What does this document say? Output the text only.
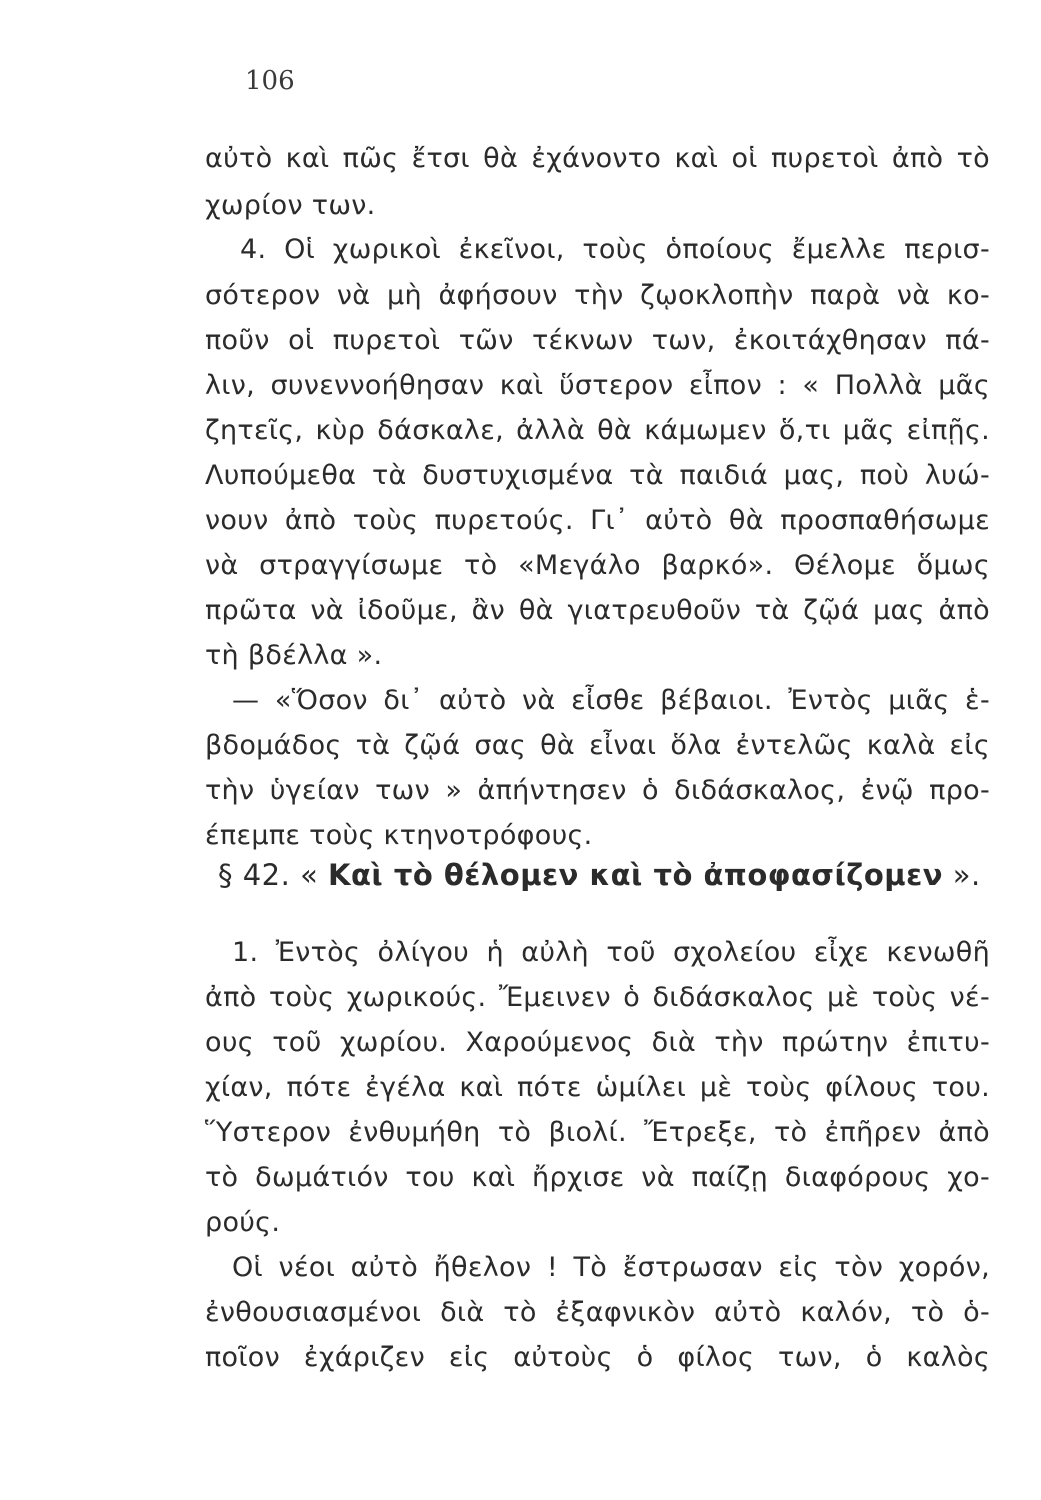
106
αὐτὸ καὶ πῶς ἔτσι θὰ ἐχάνοντο καὶ οἱ πυρετοὶ ἀπὸ τὸ
χωρίον των.
4. Οἱ χωρικοὶ ἐκεῖνοι, τοὺς ὁποίους ἔμελλε περισ-
σότερον νὰ μὴ ἀφήσουν τὴν ζῳοκλοπὴν παρὰ νὰ κο-
ποῦν οἱ πυρετοὶ τῶν τέκνων των, ἐκοιτάχθησαν πά-
λιν, συνεννοήθησαν καὶ ὕστερον εἶπον : « Πολλὰ μᾶς
ζητεῖς, κὺρ δάσκαλε, ἀλλὰ θὰ κάμωμεν ὅ,τι μᾶς εἰπῇς.
Λυπούμεθα τὰ δυστυχισμένα τὰ παιδιά μας, ποὺ λυώ-
νουν ἀπὸ τοὺς πυρετούς. Γι᾽ αὐτὸ θὰ προσπαθήσωμε
νὰ στραγγίσωμε τὸ «Μεγάλο βαρκό». Θέλομε ὅμως
πρῶτα νὰ ἰδοῦμε, ἂν θὰ γιατρευθοῦν τὰ ζῷά μας ἀπὸ
τὴ βδέλλα ».
— «Ὅσον δι᾽ αὐτὸ νὰ εἶσθε βέβαιοι. Ἐντὸς μιᾶς ἑ-
βδομάδος τὰ ζῷά σας θὰ εἶναι ὅλα ἐντελῶς καλὰ εἰς
τὴν ὑγείαν των » ἀπήντησεν ὁ διδάσκαλος, ἐνῷ προ-
έπεμπε τοὺς κτηνοτρόφους.
§ 42. « Καὶ τὸ θέλομεν καὶ τὸ ἀποφασίζομεν ».
1. Ἐντὸς ὀλίγου ἡ αὐλὴ τοῦ σχολείου εἶχε κενωθῆ
ἀπὸ τοὺς χωρικούς. Ἔμεινεν ὁ διδάσκαλος μὲ τοὺς νέ-
ους τοῦ χωρίου. Χαρούμενος διὰ τὴν πρώτην ἐπιτυ-
χίαν, πότε ἐγέλα καὶ πότε ὡμίλει μὲ τοὺς φίλους του.
Ὕστερον ἐνθυμήθη τὸ βιολί. Ἔτρεξε, τὸ ἐπῆρεν ἀπὸ
τὸ δωμάτιόν του καὶ ἤρχισε νὰ παίζῃ διαφόρους χο-
ρούς.
Οἱ νέοι αὐτὸ ἤθελον ! Τὸ ἔστρωσαν εἰς τὸν χορόν,
ἐνθουσιασμένοι διὰ τὸ ἐξαφνικὸν αὐτὸ καλόν, τὸ ὁ-
ποῖον ἐχάριζεν εἰς αὐτοὺς ὁ φίλος των, ὁ καλὸς
